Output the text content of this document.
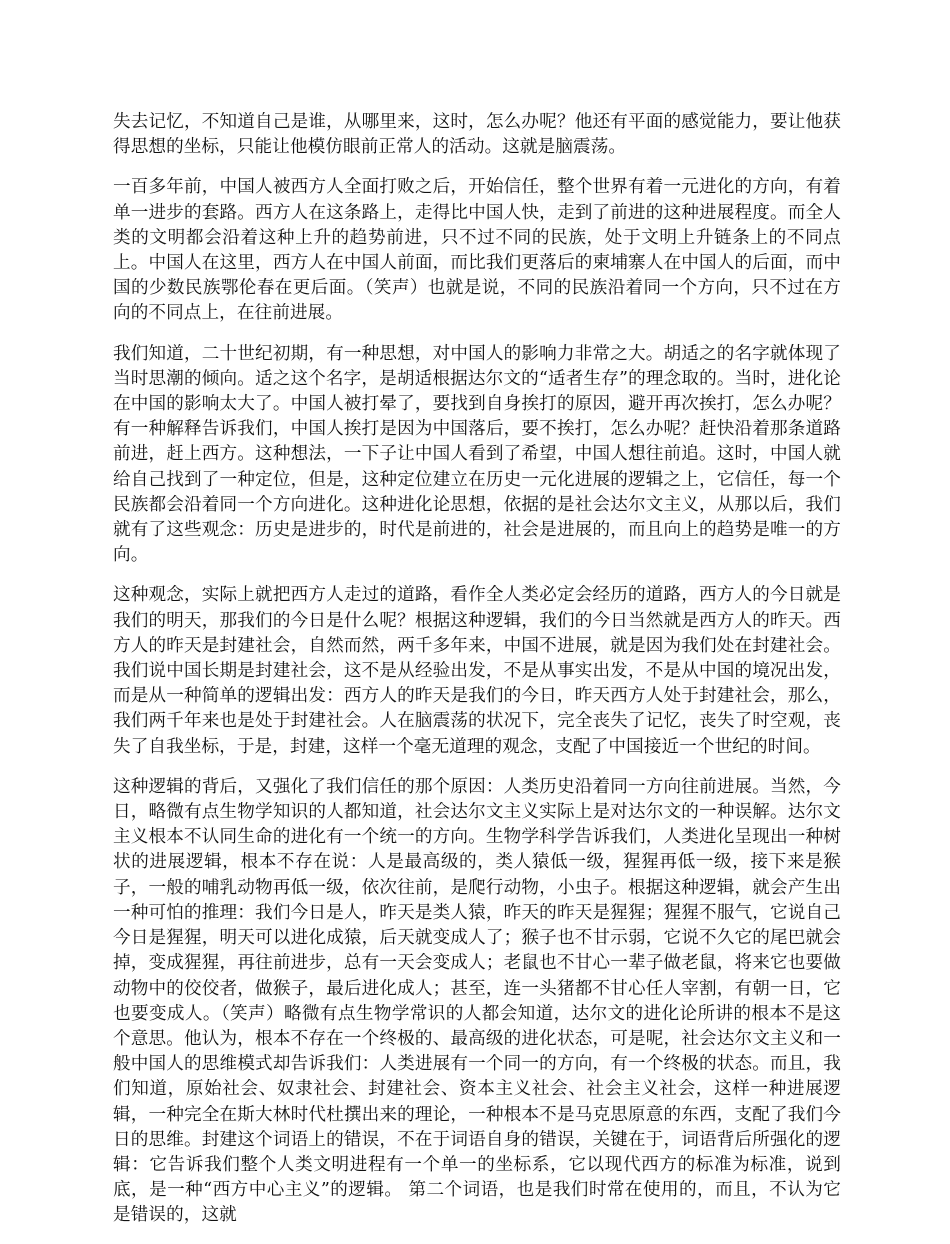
失去记忆，不知道自己是谁，从哪里来，这时，怎么办呢？他还有平面的感觉能力，要让他获得思想的坐标，只能让他模仿眼前正常人的活动。这就是脑震荡。

一百多年前，中国人被西方人全面打败之后，开始信任，整个世界有着一元进化的方向，有着单一进步的套路。西方人在这条路上，走得比中国人快，走到了前进的这种进展程度。而全人类的文明都会沿着这种上升的趋势前进，只不过不同的民族，处于文明上升链条上的不同点上。中国人在这里，西方人在中国人前面，而比我们更落后的柬埔寨人在中国人的后面，而中国的少数民族鄂伦春在更后面。（笑声）也就是说，不同的民族沿着同一个方向，只不过在方向的不同点上，在往前进展。

我们知道，二十世纪初期，有一种思想，对中国人的影响力非常之大。胡适之的名字就体现了当时思潮的倾向。适之这个名字，是胡适根据达尔文的“适者生存”的理念取的。当时，进化论在中国的影响太大了。中国人被打晕了，要找到自身挨打的原因，避开再次挨打，怎么办呢？有一种解释告诉我们，中国人挨打是因为中国落后，要不挨打，怎么办呢？赶快沿着那条道路前进，赶上西方。这种想法，一下子让中国人看到了希望，中国人想往前追。这时，中国人就给自己找到了一种定位，但是，这种定位建立在历史一元化进展的逻辑之上，它信任，每一个民族都会沿着同一个方向进化。这种进化论思想，依据的是社会达尔文主义，从那以后，我们就有了这些观念：历史是进步的，时代是前进的，社会是进展的，而且向上的趋势是唯一的方向。

这种观念，实际上就把西方人走过的道路，看作全人类必定会经历的道路，西方人的今日就是我们的明天，那我们的今日是什么呢？根据这种逻辑，我们的今日当然就是西方人的昨天。西方人的昨天是封建社会，自然而然，两千多年来，中国不进展，就是因为我们处在封建社会。我们说中国长期是封建社会，这不是从经验出发，不是从事实出发，不是从中国的境况出发，而是从一种简单的逻辑出发：西方人的昨天是我们的今日，昨天西方人处于封建社会，那么，我们两千年来也是处于封建社会。人在脑震荡的状况下，完全丧失了记忆，丧失了时空观，丧失了自我坐标，于是，封建，这样一个毫无道理的观念，支配了中国接近一个世纪的时间。

这种逻辑的背后，又强化了我们信任的那个原因：人类历史沿着同一方向往前进展。当然，今日，略微有点生物学知识的人都知道，社会达尔文主义实际上是对达尔文的一种误解。达尔文主义根本不认同生命的进化有一个统一的方向。生物学科学告诉我们，人类进化呈现出一种树状的进展逻辑，根本不存在说：人是最高级的，类人猿低一级，猩猩再低一级，接下来是猴子，一般的哺乳动物再低一级，依次往前，是爬行动物，小虫子。根据这种逻辑，就会产生出一种可怕的推理：我们今日是人，昨天是类人猿，昨天的昨天是猩猩；猩猩不服气，它说自己今日是猩猩，明天可以进化成猿，后天就变成人了；猴子也不甘示弱，它说不久它的尾巴就会掉，变成猩猩，再往前进步，总有一天会变成人；老鼠也不甘心一辈子做老鼠，将来它也要做动物中的佼佼者，做猴子，最后进化成人；甚至，连一头猪都不甘心任人宰割，有朝一日，它也要变成人。（笑声）略微有点生物学常识的人都会知道，达尔文的进化论所讲的根本不是这个意思。他认为，根本不存在一个终极的、最高级的进化状态，可是呢，社会达尔文主义和一般中国人的思维模式却告诉我们：人类进展有一个同一的方向，有一个终极的状态。而且，我们知道，原始社会、奴隶社会、封建社会、资本主义社会、社会主义社会，这样一种进展逻辑，一种完全在斯大林时代杜撰出来的理论，一种根本不是马克思原意的东西，支配了我们今日的思维。封建这个词语上的错误，不在于词语自身的错误，关键在于，词语背后所强化的逻辑：它告诉我们整个人类文明进程有一个单一的坐标系，它以现代西方的标准为标准，说到底，是一种“西方中心主义”的逻辑。 第二个词语，也是我们时常在使用的，而且，不认为它是错误的，这就
